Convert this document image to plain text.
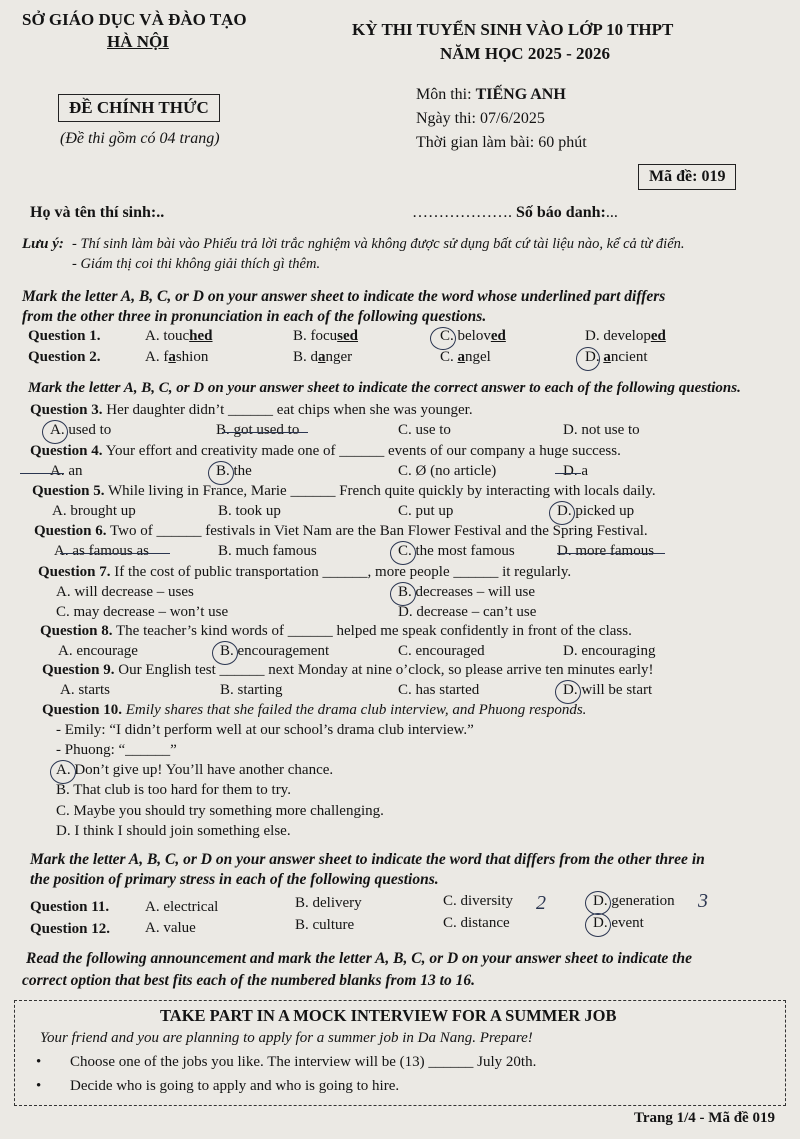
SỞ GIÁO DỤC VÀ ĐÀO TẠO
HÀ NỘI
KỲ THI TUYỂN SINH VÀO LỚP 10 THPT
NĂM HỌC 2025 - 2026
ĐỀ CHÍNH THỨC
(Đề thi gồm có 04 trang)
Môn thi: TIẾNG ANH
Ngày thi: 07/6/2025
Thời gian làm bài: 60 phút
Mã đề: 019
Họ và tên thí sinh:..	………………. Số báo danh:...
Lưu ý: - Thí sinh làm bài vào Phiếu trả lời trắc nghiệm và không được sử dụng bất cứ tài liệu nào, kể cả từ điển.
- Giám thị coi thi không giải thích gì thêm.
Mark the letter A, B, C, or D on your answer sheet to indicate the word whose underlined part differs
from the other three in pronunciation in each of the following questions.
Question 1.	A. touched	B. focused	C. beloved	D. developed
Question 2.	A. fashion	B. danger	C. angel	D. ancient
Mark the letter A, B, C, or D on your answer sheet to indicate the correct answer to each of the following questions.
Question 3. Her daughter didn’t ______ eat chips when she was younger.
A. used to	B. got used to	C. use to	D. not use to
Question 4. Your effort and creativity made one of ______ events of our company a huge success.
A. an	B. the	C. Ø (no article)	D. a
Question 5. While living in France, Marie ______ French quite quickly by interacting with locals daily.
A. brought up	B. took up	C. put up	D. picked up
Question 6. Two of ______ festivals in Viet Nam are the Ban Flower Festival and the Spring Festival.
A. as famous as	B. much famous	C. the most famous	D. more famous
Question 7. If the cost of public transportation ______, more people ______ it regularly.
A. will decrease – uses	B. decreases – will use
C. may decrease – won’t use	D. decrease – can’t use
Question 8. The teacher’s kind words of ______ helped me speak confidently in front of the class.
A. encourage	B. encouragement	C. encouraged	D. encouraging
Question 9. Our English test ______ next Monday at nine o’clock, so please arrive ten minutes early!
A. starts	B. starting	C. has started	D. will be start
Question 10. Emily shares that she failed the drama club interview, and Phuong responds.
- Emily: “I didn’t perform well at our school’s drama club interview.”
- Phuong: “______”
A. Don’t give up! You’ll have another chance.
B. That club is too hard for them to try.
C. Maybe you should try something more challenging.
D. I think I should join something else.
Mark the letter A, B, C, or D on your answer sheet to indicate the word that differs from the other three in
the position of primary stress in each of the following questions.
Question 11. A. electrical	B. delivery	C. diversity	D. generation
Question 12. A. value	B. culture	C. distance	D. event
Read the following announcement and mark the letter A, B, C, or D on your answer sheet to indicate the
correct option that best fits each of the numbered blanks from 13 to 16.
TAKE PART IN A MOCK INTERVIEW FOR A SUMMER JOB
Your friend and you are planning to apply for a summer job in Da Nang. Prepare!
• Choose one of the jobs you like. The interview will be (13) ______ July 20th.
• Decide who is going to apply and who is going to hire.
Trang 1/4 - Mã đề 019
2	3
